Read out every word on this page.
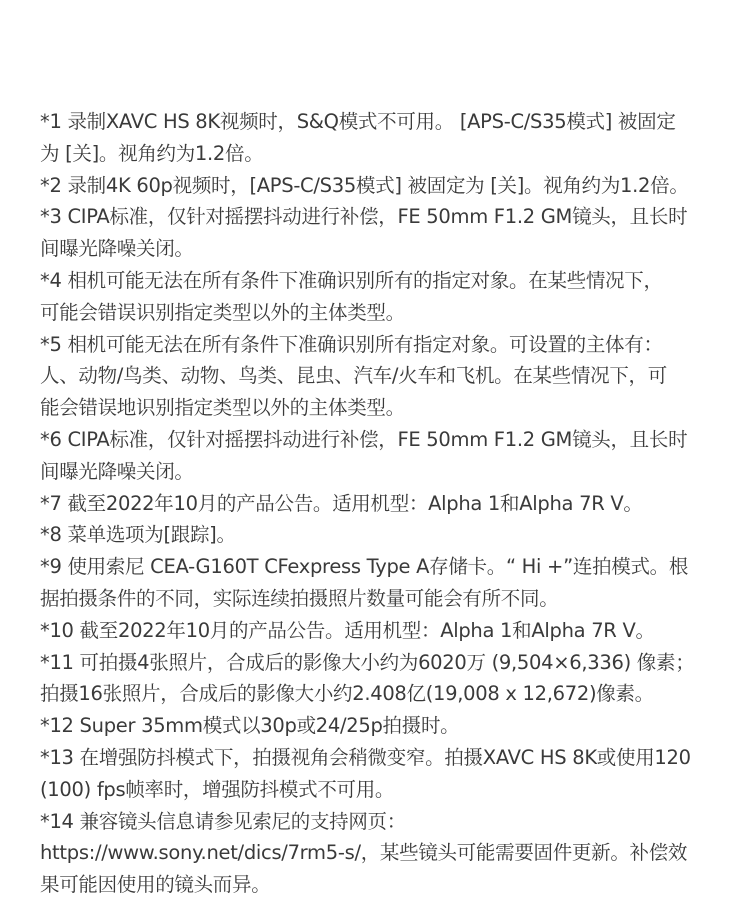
*1 录制XAVC HS 8K视频时，S&Q模式不可用。 [APS-C/S35模式] 被固定
为 [关]。视角约为1.2倍。

*2 录制4K 60p视频时，[APS-C/S35模式] 被固定为 [关]。视角约为1.2倍。

*3 CIPA标准，仅针对摇摆抖动进行补偿，FE 50mm F1.2 GM镜头，且长时
间曝光降噪关闭。

*4 相机可能无法在所有条件下准确识别所有的指定对象。在某些情况下，
可能会错误识别指定类型以外的主体类型。

*5 相机可能无法在所有条件下准确识别所有指定对象。可设置的主体有：
人、动物/鸟类、动物、鸟类、昆虫、汽车/火车和飞机。在某些情况下，可
能会错误地识别指定类型以外的主体类型。

*6 CIPA标准，仅针对摇摆抖动进行补偿，FE 50mm F1.2 GM镜头，且长时
间曝光降噪关闭。

*7 截至2022年10月的产品公告。适用机型：Alpha 1和Alpha 7R V。

*8 菜单选项为[跟踪]。

*9 使用索尼 CEA-G160T CFexpress Type A存储卡。“ Hi +”连拍模式。根
据拍摄条件的不同，实际连续拍摄照片数量可能会有所不同。

*10 截至2022年10月的产品公告。适用机型：Alpha 1和Alpha 7R V。

*11 可拍摄4张照片，合成后的影像大小约为6020万 (9,504×6,336) 像素；
拍摄16张照片，合成后的影像大小约2.408亿(19,008 x 12,672)像素。

*12 Super 35mm模式以30p或24/25p拍摄时。

*13 在增强防抖模式下，拍摄视角会稍微变窄。拍摄XAVC HS 8K或使用120
(100) fps帧率时，增强防抖模式不可用。

*14 兼容镜头信息请参见索尼的支持网页：
https://www.sony.net/dics/7rm5-s/，某些镜头可能需要固件更新。补偿效
果可能因使用的镜头而异。
